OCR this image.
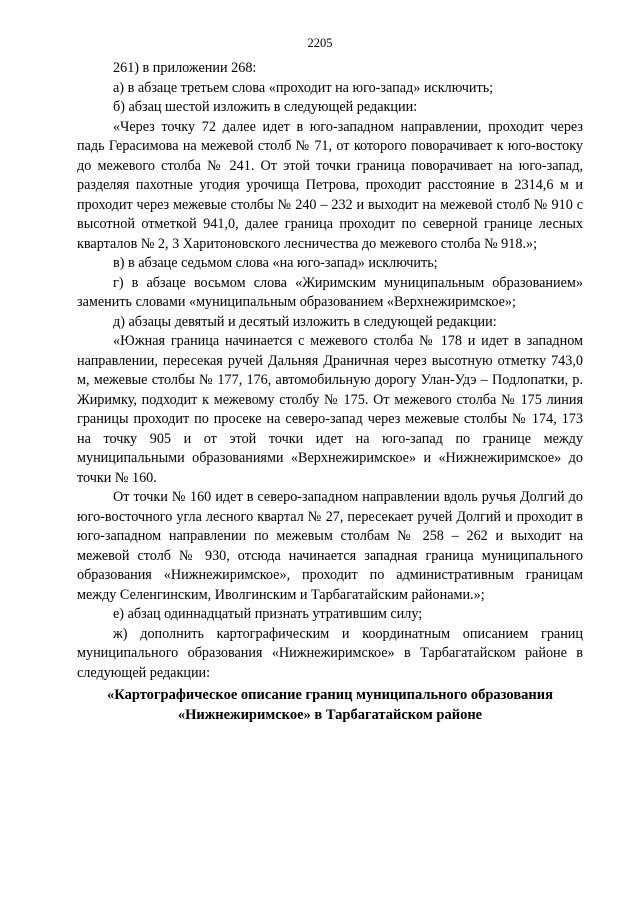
2205

261) в приложении 268:

а) в абзаце третьем слова «проходит на юго-запад» исключить;

б) абзац шестой изложить в следующей редакции:

«Через точку 72 далее идет в юго-западном направлении, проходит через падь Герасимова на межевой столб № 71, от которого поворачивает к юго-востоку до межевого столба № 241. От этой точки граница поворачивает на юго-запад, разделяя пахотные угодия урочища Петрова, проходит расстояние в 2314,6 м и проходит через межевые столбы № 240 – 232 и выходит на межевой столб № 910 с высотной отметкой 941,0, далее граница проходит по северной границе лесных кварталов № 2, 3 Харитоновского лесничества до межевого столба № 918.»;

в) в абзаце седьмом слова «на юго-запад» исключить;

г) в абзаце восьмом слова «Жиримским муниципальным образованием» заменить словами «муниципальным образованием «Верхнежиримское»;

д) абзацы девятый и десятый изложить в следующей редакции:

«Южная граница начинается с межевого столба № 178 и идет в западном направлении, пересекая ручей Дальняя Драничная через высотную отметку 743,0 м, межевые столбы № 177, 176, автомобильную дорогу Улан-Удэ – Подлопатки, р. Жиримку, подходит к межевому столбу № 175. От межевого столба № 175 линия границы проходит по просеке на северо-запад через межевые столбы № 174, 173 на точку 905 и от этой точки идет на юго-запад по границе между муниципальными образованиями «Верхнежиримское» и «Нижнежиримское» до точки № 160.

От точки № 160 идет в северо-западном направлении вдоль ручья Долгий до юго-восточного угла лесного квартал № 27, пересекает ручей Долгий и проходит в юго-западном направлении по межевым столбам № 258 – 262 и выходит на межевой столб № 930, отсюда начинается западная граница муниципального образования «Нижнежиримское», проходит по административным границам между Селенгинским, Иволгинским и Тарбагатайским районами.»;

е) абзац одиннадцатый признать утратившим силу;

ж) дополнить картографическим и координатным описанием границ муниципального образования «Нижнежиримское» в Тарбагатайском районе в следующей редакции:

«Картографическое описание границ муниципального образования
«Нижнежиримское» в Тарбагатайском районе
